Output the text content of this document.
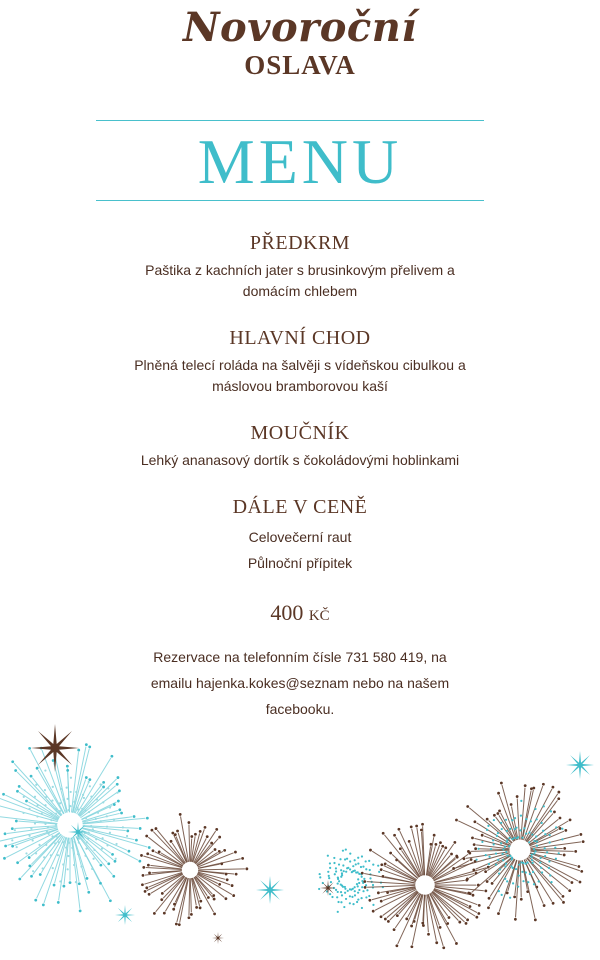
Novoroční
OSLAVA
MENU
PŘEDKRM
Paštika z kachních jater s brusinkovým přelivem a
domácím chlebem
HLAVNÍ CHOD
Plněná telecí roláda na šalvěji s vídeňskou cibulkou a
máslovou bramborovou kaší
MOUČNÍK
Lehký ananasový dortík s čokoládovými hoblinkami
DÁLE V CENĚ
Celovečerní raut
Půlnoční přípitek
400 KČ
Rezervace na telefonním čísle 731 580 419, na
emailu hajenka.kokes@seznam nebo na našem
facebooku.
